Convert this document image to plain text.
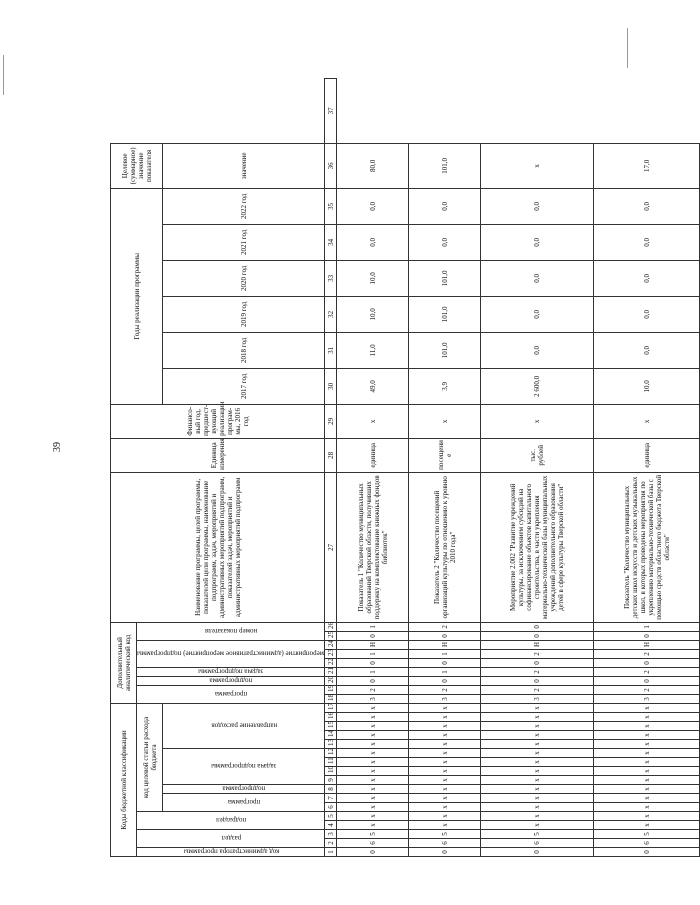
39
Коды бюджетной классификации																	Дополнительный аналитический код									Наименование программы, целей программы, показателей цели программы, наименование подпрограмм, задач, мероприятий и административных мероприятий подпрограмм, показателей задач, мероприятий и административных мероприятий подпрограмм	Единица измерения	Финансо-вый год, предшест-вующий реализации програм-мы, 2016 год	Годы реализации программы						Целевое (суммарное) значение показателя	
код администратора программы	раздел		подраздел		код целевой статьи расхода бюджета												программа		подпрограмма	задача подпрограммы	мероприятие (административное мероприятие) подпрограммы			номер показателя												
					программа		подпрограмма	задача подпрограммы				направление расходов																	2017 год	2018 год	2019 год	2020 год	2021 год	2022 год	значение	

1	2	3	4	5	6	7	8	9	10	11	12	13	14	15	16	17	18	19	20	21	22	23	24	25	26	27	28	29	30	31	32	33	34	35	36	37
0	6	5	х	х	х	х	х	х	х	х	х	х	х	х	х	х	3	2	0	1	0	1	Н	0	1	Показатель 1 "Количество муниципальных образований Тверской области, получивших поддержку на комплектование книжных фондов библиотек"	единица	х	49,0	11,0	10,0	10,0	0,0	0,0	80,0	
0	6	5	х	х	х	х	х	х	х	х	х	х	х	х	х	х	3	2	0	1	0	1	Н	0	2	Показатель 2 "Количество посещений организаций культуры по отношению к уровню 2010 года"	посещени е	х	3,9	101,0	101,0	101,0	0,0	0,0	101,0	
0	6	5	х	х	х	х	х	х	х	х	х	х	х	х	х	х	3	2	0	2	0	2	Н	0	0	Мероприятие 2.002 "Развитие учреждений культуры, за исключением субсидий на софинансирование объектов капитального строительства, в части укрепления материально-технической базы муниципальных учреждений дополнительного образования детей в сфере культуры Тверской области"	тыс. рублей	х	2 600,0	0,0	0,0	0,0	0,0	0,0	х	
0	6	5	х	х	х	х	х	х	х	х	х	х	х	х	х	х	3	2	0	2	0	2	Н	0	1	Показатель "Количество муниципальных детских школ искусств и детских музыкальных школ, в которых проведены мероприятия по укреплению материально-технической базы с помощью средств областного бюджета Тверской области"	единица	х	10,0	0,0	0,0	0,0	0,0	0,0	17,0	
